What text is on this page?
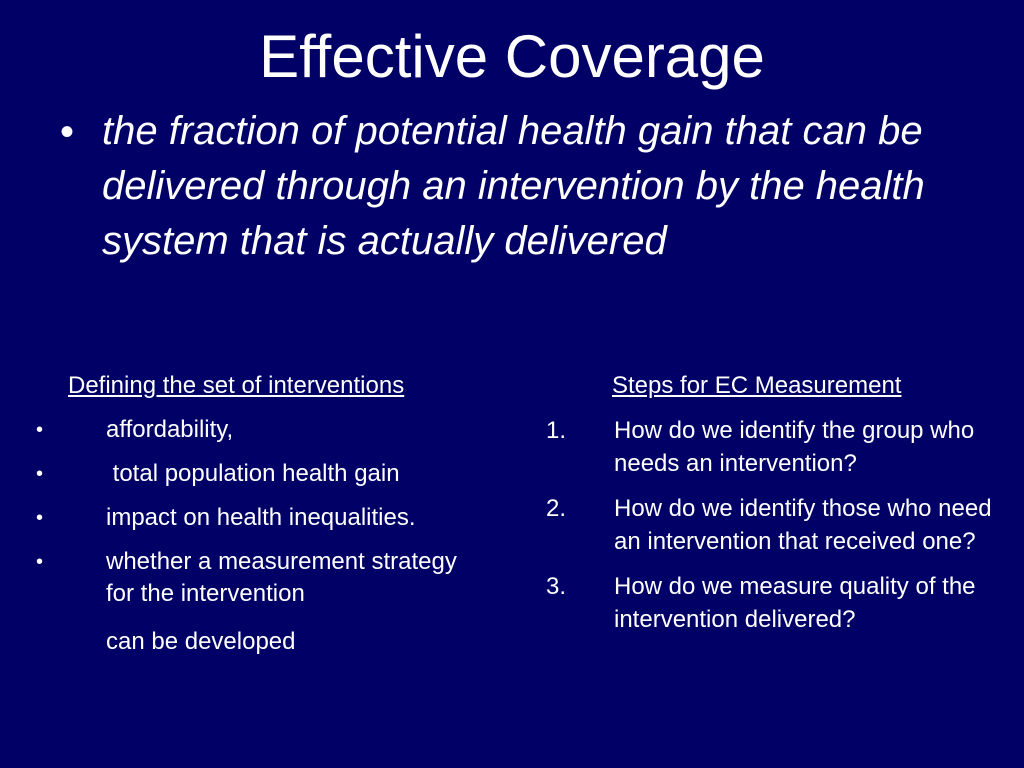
Effective Coverage
• the fraction of potential health gain that can be delivered through an intervention by the health system that is actually delivered
Defining the set of interventions	Steps for EC Measurement
•	affordability,
•	total population health gain
•	impact on health inequalities.
•	whether a measurement strategy for the intervention
can be developed
1. How do we identify the group who needs an intervention?
2. How do we identify those who need an intervention that received one?
3. How do we measure quality of the intervention delivered?
